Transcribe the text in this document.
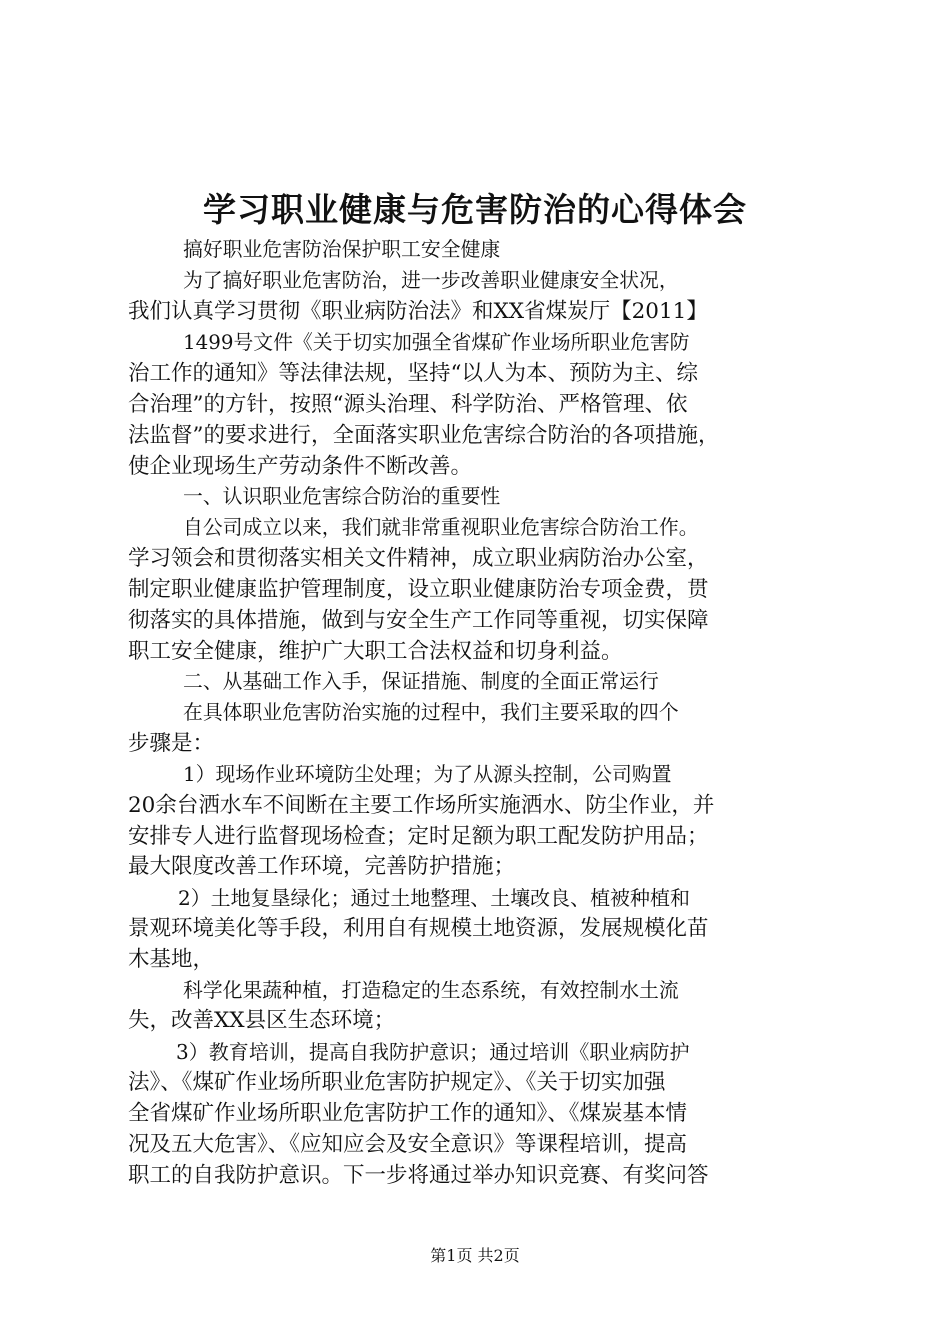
学习职业健康与危害防治的心得体会
搞好职业危害防治保护职工安全健康
为了搞好职业危害防治，进一步改善职业健康安全状况，
我们认真学习贯彻《职业病防治法》和XX省煤炭厅【2011】
1499号文件《关于切实加强全省煤矿作业场所职业危害防
治工作的通知》等法律法规，坚持“以人为本、预防为主、综
合治理”的方针，按照“源头治理、科学防治、严格管理、依
法监督”的要求进行，全面落实职业危害综合防治的各项措施，
使企业现场生产劳动条件不断改善。
一、认识职业危害综合防治的重要性
自公司成立以来，我们就非常重视职业危害综合防治工作。
学习领会和贯彻落实相关文件精神，成立职业病防治办公室，
制定职业健康监护管理制度，设立职业健康防治专项金费，贯
彻落实的具体措施，做到与安全生产工作同等重视，切实保障
职工安全健康，维护广大职工合法权益和切身利益。
二、从基础工作入手，保证措施、制度的全面正常运行
在具体职业危害防治实施的过程中，我们主要采取的四个
步骤是：
1）现场作业环境防尘处理；为了从源头控制，公司购置
20余台洒水车不间断在主要工作场所实施洒水、防尘作业，并
安排专人进行监督现场检查；定时足额为职工配发防护用品；
最大限度改善工作环境，完善防护措施；
2）土地复垦绿化；通过土地整理、土壤改良、植被种植和
景观环境美化等手段，利用自有规模土地资源，发展规模化苗
木基地，
科学化果蔬种植，打造稳定的生态系统，有效控制水土流
失，改善XX县区生态环境；
3）教育培训，提高自我防护意识；通过培训《职业病防护
法》、《煤矿作业场所职业危害防护规定》、《关于切实加强
全省煤矿作业场所职业危害防护工作的通知》、《煤炭基本情
况及五大危害》、《应知应会及安全意识》等课程培训，提高
职工的自我防护意识。下一步将通过举办知识竞赛、有奖问答
第1页 共2页
